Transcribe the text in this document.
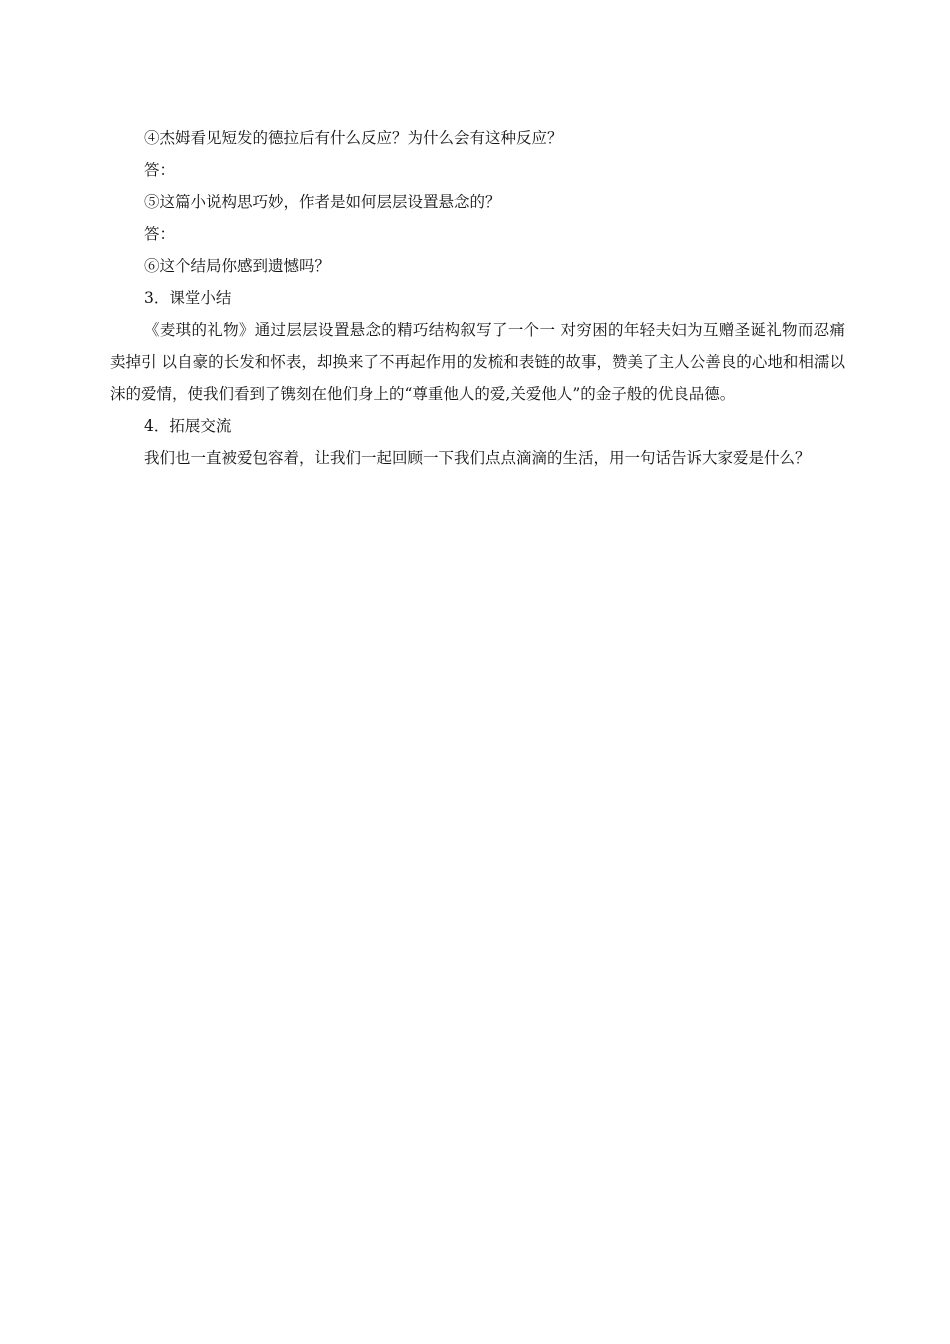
④杰姆看见短发的德拉后有什么反应？为什么会有这种反应？
答：
⑤这篇小说构思巧妙，作者是如何层层设置悬念的？
答：
⑥这个结局你感到遗憾吗？
3．课堂小结

《麦琪的礼物》通过层层设置悬念的精巧结构叙写了一个一 对穷困的年轻夫妇为互赠圣诞礼物而忍痛卖掉引 以自豪的长发和怀表，却换来了不再起作用的发梳和表链的故事，赞美了主人公善良的心地和相濡以沫的爱情，使我们看到了镌刻在他们身上的“尊重他人的爱,关爱他人”的金子般的优良品德。

4．拓展交流

我们也一直被爱包容着，让我们一起回顾一下我们点点滴滴的生活，用一句话告诉大家爱是什么？
